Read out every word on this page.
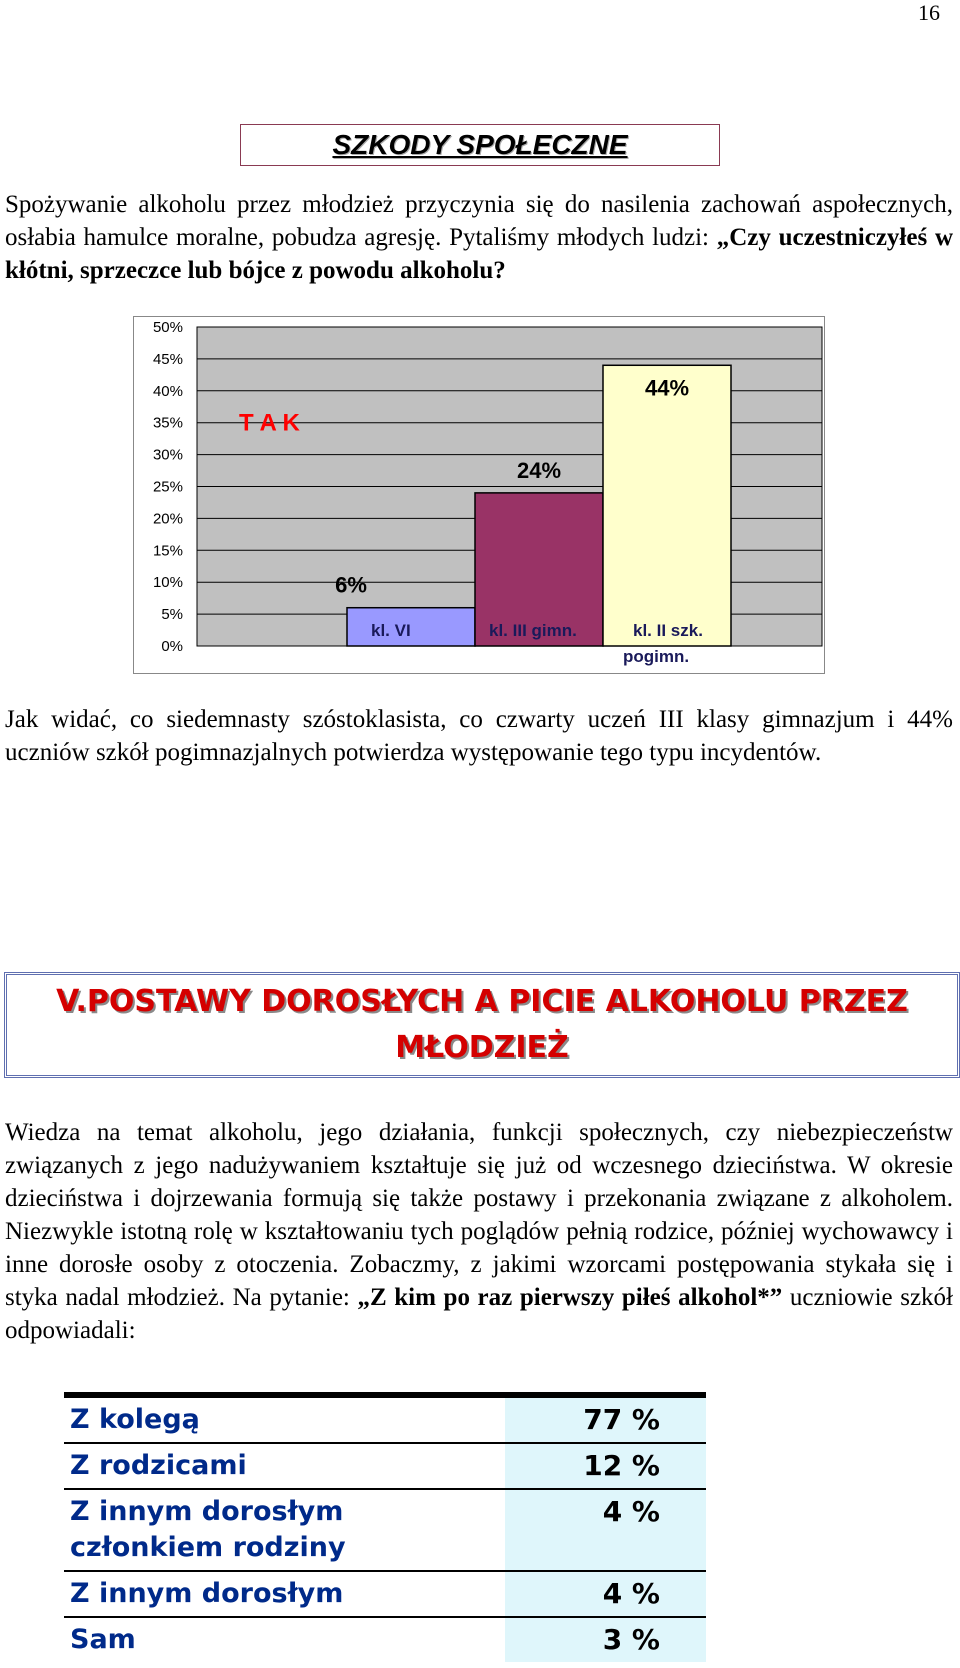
16
SZKODY SPOŁECZNE
Spożywanie alkoholu przez młodzież przyczynia się do nasilenia zachowań aspołecznych, osłabia hamulce moralne, pobudza agresję. Pytaliśmy młodych ludzi: „Czy uczestniczyłeś w kłótni, sprzeczce lub bójce z powodu alkoholu?
0%
5%
10%
15%
20%
25%
30%
35%
40%
45%
50%
6%
24%
44%
kl. VI	kl. III gimn.	kl. II szk. pogimn.
T A K
Jak widać, co siedemnasty szóstoklasista, co czwarty uczeń III klasy gimnazjum i 44% uczniów szkół pogimnazjalnych potwierdza występowanie tego typu incydentów.
V.POSTAWY DOROSŁYCH A PICIE ALKOHOLU PRZEZ MŁODZIEŻ
Wiedza na temat alkoholu, jego działania, funkcji społecznych, czy niebezpieczeństw związanych z jego nadużywaniem kształtuje się już od wczesnego dzieciństwa. W okresie dzieciństwa i dojrzewania formują się także postawy i przekonania związane z alkoholem. Niezwykle istotną rolę w kształtowaniu tych poglądów pełnią rodzice, później wychowawcy i inne dorosłe osoby z otoczenia. Zobaczmy, z jakimi wzorcami postępowania stykała się i styka nadal młodzież. Na pytanie: „Z kim po raz pierwszy piłeś alkohol*” uczniowie szkół odpowiadali:
Z kolegą	77 %
Z rodzicami	12 %
Z innym dorosłym członkiem rodziny	4 %
Z innym dorosłym	4 %
Sam	3 %
